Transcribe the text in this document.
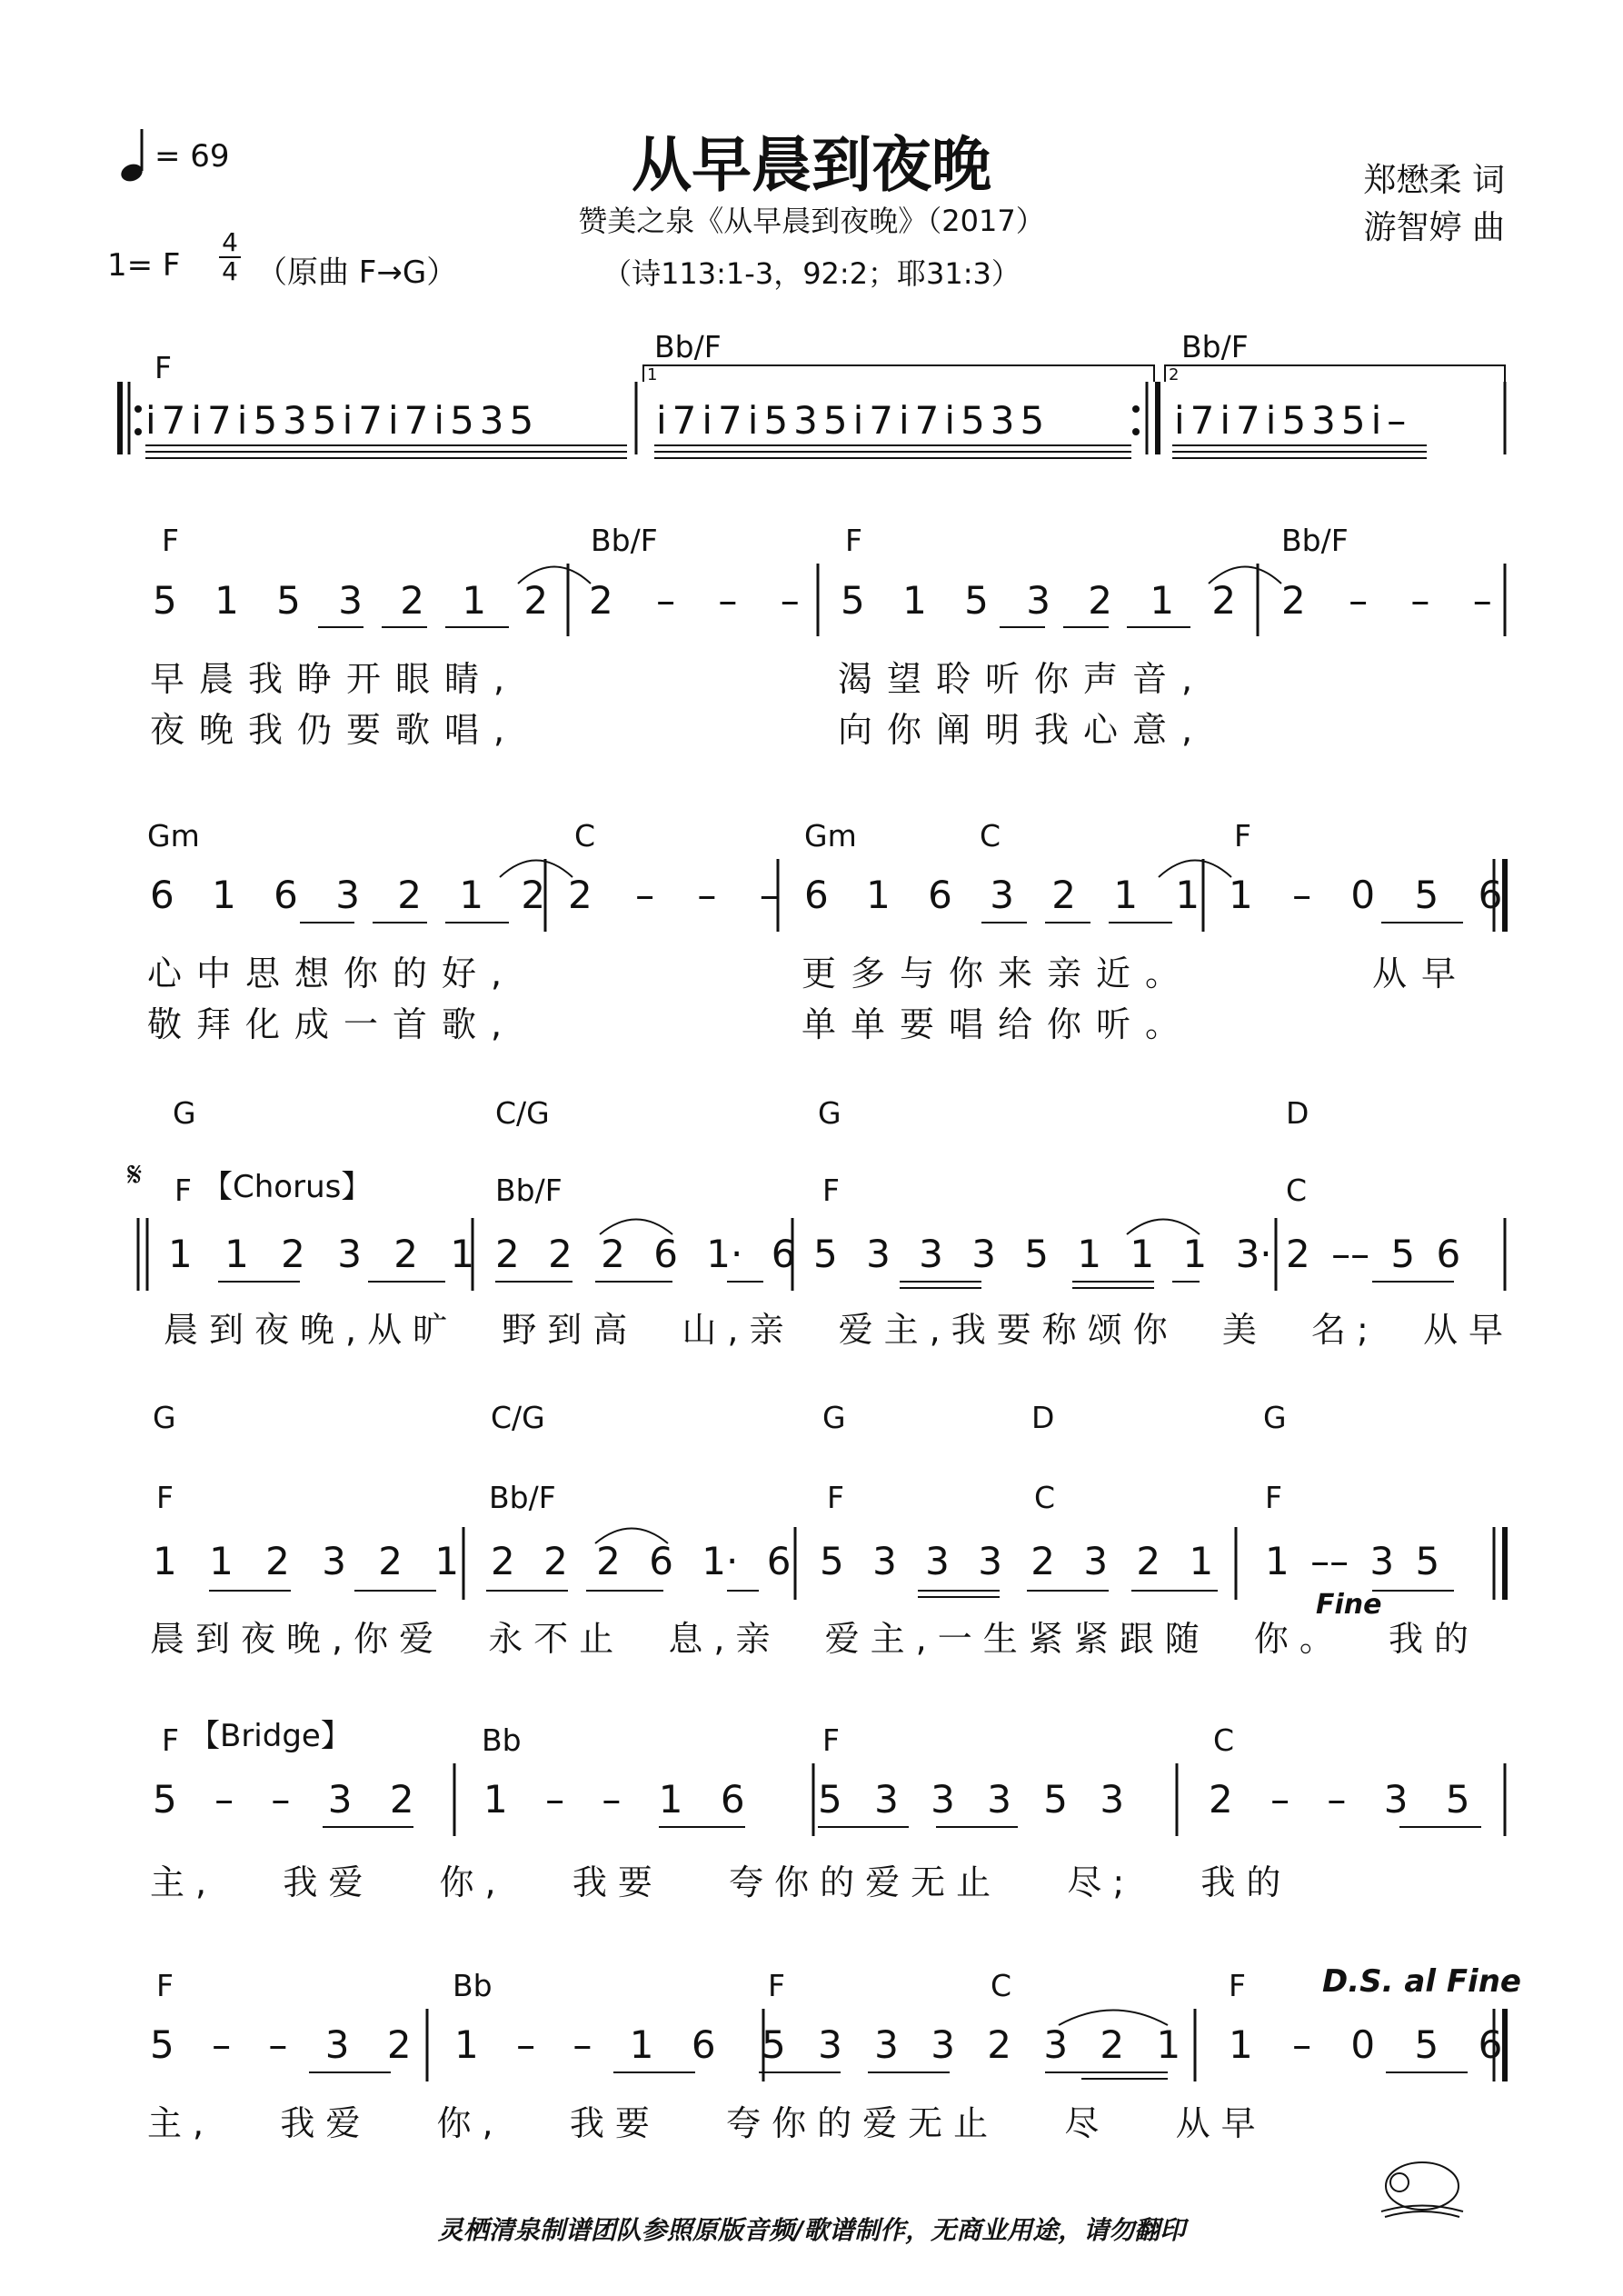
从早晨到夜晚
赞美之泉《从早晨到夜晚》（2017）
（诗113:1-3，92:2；耶31:3）
郑懋柔 词
游智婷 曲
= 69
1= F
4
4 （原曲 F→G）
F
Bb/F	Bb/F
1	2
i̇7i̇7i̇535i̇7i̇7i̇535	i̇7i̇7i̇535i̇7i̇7i̇535	i̇7i̇7i̇535i̇–
F	Bb/F	F	Bb/F
5 1 5 3 2 1 2 2 – – – 5 1 5 3 2 1 2 2 – – –
早晨我睁开眼睛,	渴望聆听你声音,
夜晚我仍要歌唱,	向你阐明我心意,
Gm	C	Gm	C	F
6 1 6 3 2 1 2 2 – – – 6 1 6 3 2 1 1 1 – 0 5 6
心中思想你的好,	更多与你来亲近。	从早
敬拜化成一首歌,	单单要唱给你听。
G	C/G	G	D
𝄋 F 【Chorus】	Bb/F	F	C
1 1 2 3 2 1 2 2 2 6 1· 6 5 3 3 3 5 1 1 1 3· 2 –– 5 6
晨到夜晚,从旷  野到高  山,亲  爱主,我要称颂你  美  名;  从早
G	C/G	G	D	G
F	Bb/F	F	C	F
1 1 2 3 2 1 2 2 2 6 1· 6 5 3 3 3 2 3 2 1 1 –– 3 5
Fine
晨到夜晚,你爱  永不止  息,亲  爱主,一生紧紧跟随  你。  我的
F 【Bridge】	Bb	F	C
5 – – 3 2 1 – – 1 6 5 3 3 3 5 3 2 – – 3 5
主,   我爱   你,   我要   夸你的爱无止   尽;   我的
F	Bb	F	C	F D.S. al Fine
5 – – 3 2 1 – – 1 6 5 3 3 3 2 3 2 1 1 – 0 5 6
主,   我爱   你,   我要   夸你的爱无止   尽   从早
灵栖清泉制谱团队参照原版音频/歌谱制作，无商业用途，请勿翻印
